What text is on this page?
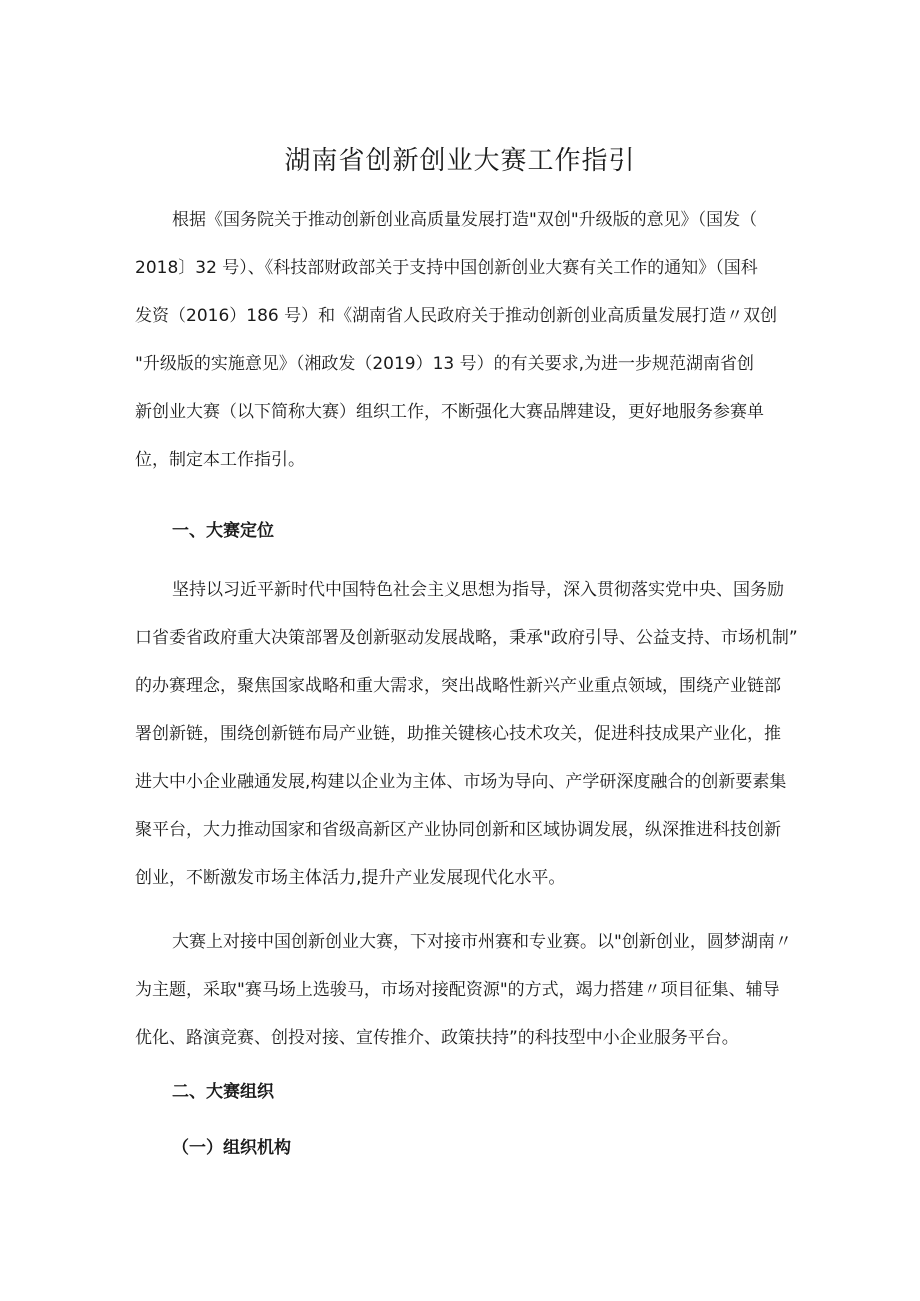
湖南省创新创业大赛工作指引
根据《国务院关于推动创新创业高质量发展打造"双创"升级版的意见》（国发（
2018〕32 号）、《科技部财政部关于支持中国创新创业大赛有关工作的通知》（国科
发资（2016）186 号）和《湖南省人民政府关于推动创新创业高质量发展打造〃双创
"升级版的实施意见》（湘政发（2019）13 号）的有关要求,为进一步规范湖南省创
新创业大赛（以下简称大赛）组织工作，不断强化大赛品牌建设，更好地服务参赛单
位，制定本工作指引。
一、大赛定位
坚持以习近平新时代中国特色社会主义思想为指导，深入贯彻落实党中央、国务励
口省委省政府重大决策部署及创新驱动发展战略，秉承"政府引导、公益支持、市场机制”
的办赛理念，聚焦国家战略和重大需求，突出战略性新兴产业重点领域，围绕产业链部
署创新链，围绕创新链布局产业链，助推关键核心技术攻关，促进科技成果产业化，推
进大中小企业融通发展,构建以企业为主体、市场为导向、产学研深度融合的创新要素集
聚平台，大力推动国家和省级高新区产业协同创新和区域协调发展，纵深推进科技创新
创业，不断激发市场主体活力,提升产业发展现代化水平。
大赛上对接中国创新创业大赛，下对接市州赛和专业赛。以"创新创业，圆梦湖南〃
为主题，采取"赛马场上选骏马，市场对接配资源"的方式，竭力搭建〃项目征集、辅导
优化、路演竞赛、创投对接、宣传推介、政策扶持”的科技型中小企业服务平台。
二、大赛组织
（一）组织机构
